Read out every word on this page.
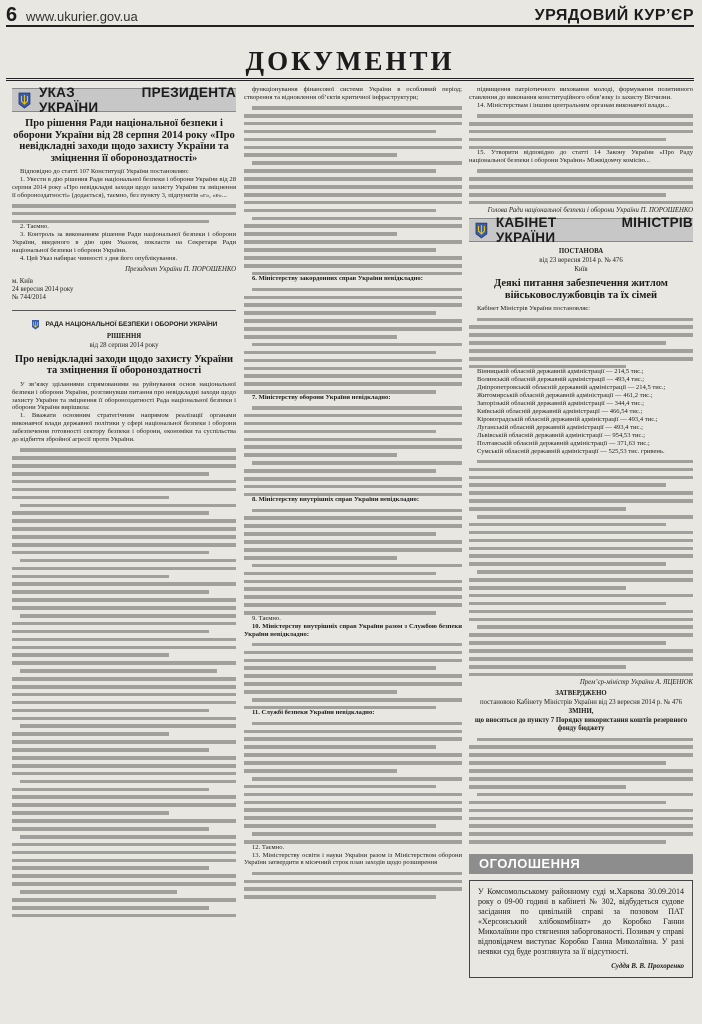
6 www.ukurier.gov.ua	УРЯДОВИЙ КУР’ЄР
ДОКУМЕНТИ
УКАЗ ПРЕЗИДЕНТА УКРАЇНИ
Про рішення Ради національної безпеки і оборони України від 28 серпня 2014 року «Про невідкладні заходи щодо захисту України та зміцнення її обороноздатності»

Відповідно до статті 107 Конституції України постановляю:

1. Увести в дію рішення Ради національної безпеки і оборони України від 28 серпня 2014 року «Про невідкладні заходи щодо захисту України та зміцнення її обороноздатності» (додається), таємно, без пункту 3, підпунктів «г», «е»...

2. Таємно.

3. Контроль за виконанням рішення Ради національної безпеки і оборони України, введеного в дію цим Указом, покласти на Секретаря Ради національної безпеки і оборони України.

4. Цей Указ набирає чинності з дня його опублікування.

Президент України П. ПОРОШЕНКО
м. Київ
24 вересня 2014 року
№ 744/2014
РАДА НАЦІОНАЛЬНОЇ БЕЗПЕКИ І ОБОРОНИ УКРАЇНИ
РІШЕННЯ
від 28 серпня 2014 року
Про невідкладні заходи щодо захисту України та зміцнення її обороноздатності

У зв’язку зділаннями спрямованими на руйнування основ національної безпеки і оборони України, розглянувши питання про невідкладні заходи щодо захисту України та зміцнення її обороноздатності Рада національної безпеки і оборони України вирішила:

1. Вважати основним стратегічним напрямом реалізації органами виконавчої влади державної політики у сфері національної безпеки і оборони забезпечення готовності сектору безпеки і оборони, економіки та суспільства до відбиття збройної агресії проти України.

функціонування фінансової системи України в особливий період; створення та відновлення об’єктів критичної інфраструктури;

6. Міністерству закордонних справ України невідкладно:

7. Міністерству оборони України невідкладно:

8. Міністерству внутрішніх справ України невідкладно:

9. Таємно.

10. Міністерству внутрішніх справ України разом з Службою безпеки України невідкладно:

11. Службі безпеки України невідкладно:

12. Таємно.

13. Міністерству освіти і науки України разом із Міністерством оборони України затвердити в місячний строк план заходів щодо розширення

підвищення патріотичного виховання молоді, формування позитивного ставлення до виконання конституційного обов’язку із захисту Вітчизни.

14. Міністерствам і іншим центральним органам виконавчої влади...

15. Утворити відповідно до статті 14 Закону України «Про Раду національної безпеки і оборони України» Міжвідомчу комісію...

Голова Ради національної безпеки і оборони України П. ПОРОШЕНКО
КАБІНЕТ МІНІСТРІВ УКРАЇНИ
ПОСТАНОВА
від 23 вересня 2014 р. № 476
Київ
Деякі питання забезпечення житлом військовослужбовців та їх сімей

Кабінет Міністрів України постановляє:

Вінницькій обласній державній адміністрації — 214,5 тис.;

Волинській обласній державній адміністрації — 493,4 тис.;

Дніпропетровській обласній державній адміністрації — 214,5 тис.;

Житомирській обласній державній адміністрації — 461,2 тис.;

Запорізькій обласній державній адміністрації — 344,4 тис.;

Київській обласній державній адміністрації — 466,54 тис.;

Кіровоградській обласній державній адміністрації — 493,4 тис.;

Луганській обласній державній адміністрації — 493,4 тис.;

Львівській обласній державній адміністрації — 954,53 тис.;

Полтавській обласній державній адміністрації — 371,63 тис.;

Сумській обласній державній адміністрації — 525,53 тис. гривень.

Прем’єр-міністр України А. ЯЦЕНЮК
ЗАТВЕРДЖЕНО
постановою Кабінету Міністрів України від 23 вересня 2014 р. № 476
ЗМІНИ,
що вносяться до пункту 7 Порядку використання коштів резервного фонду бюджету
ОГОЛОШЕННЯ
У Комсомольському районному суді м.Харкова 30.09.2014 року о 09-00 годині в кабінеті № 302, відбудеться судове засідання по цивільній справі за позовом ПАТ «Херсонський хлібокомбінат» до Коробко Ганни Миколаївни про стягнення заборгованості. Позивач у справі відповідачем виступає Коробко Ганна Миколаївна. У разі неявки суд буде розглянута за її відсутності.
Суддя В. В. Прохоренко
